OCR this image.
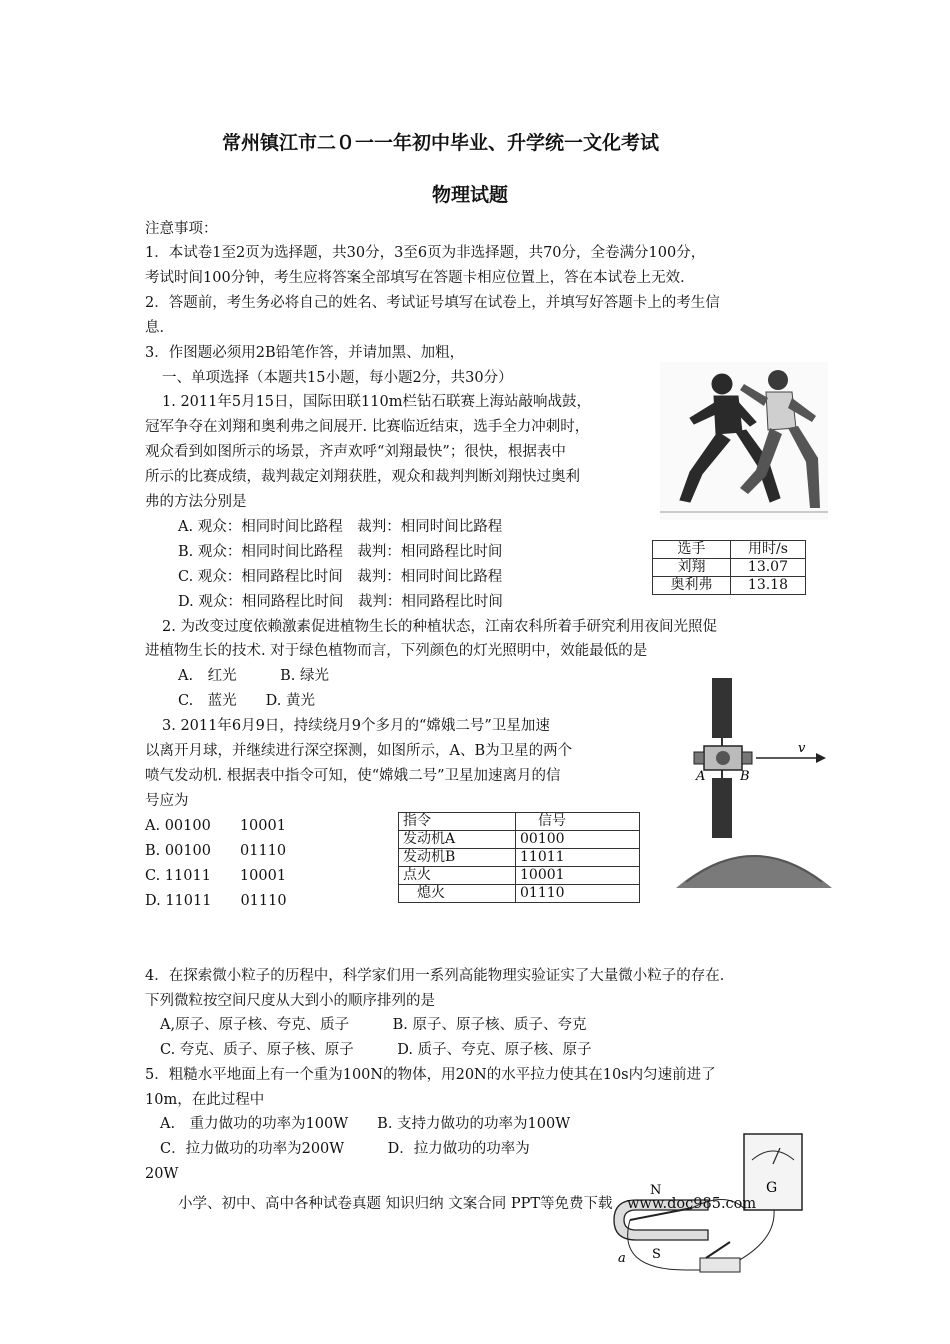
常州镇江市二０一一年初中毕业、升学统一文化考试
物理试题
注意事项：
1．本试卷1至2页为选择题，共30分，3至6页为非选择题，共70分，全卷满分100分，
考试时间100分钟，考生应将答案全部填写在答题卡相应位置上，答在本试卷上无效．
2．答题前，考生务必将自己的姓名、考试证号填写在试卷上，并填写好答题卡上的考生信
息．
3．作图题必须用2B铅笔作答，并请加黑、加粗，
一、单项选择（本题共15小题，每小题2分，共30分）
1. 2011年5月15日，国际田联110m栏钻石联赛上海站敲响战鼓，
冠军争夺在刘翔和奥利弗之间展开. 比赛临近结束，选手全力冲刺时，
观众看到如图所示的场景，齐声欢呼“刘翔最快”；很快，根据表中
所示的比赛成绩，裁判裁定刘翔获胜，观众和裁判判断刘翔快过奥利
弗的方法分别是
A. 观众：相同时间比路程　裁判：相同时间比路程
B. 观众：相同时间比路程　裁判：相同路程比时间
C. 观众：相同路程比时间　裁判：相同时间比路程
D. 观众：相同路程比时间　裁判：相同路程比时间
选手	用时/s
刘翔	13.07
奥利弗	13.18
2. 为改变过度依赖激素促进植物生长的种植状态，江南农科所着手研究利用夜间光照促
进植物生长的技术. 对于绿色植物而言，下列颜色的灯光照明中，效能最低的是
A.　红光　　　B. 绿光
C.　蓝光　　D. 黄光
3. 2011年6月9日，持续绕月9个多月的“嫦娥二号”卫星加速
以离开月球，并继续进行深空探测，如图所示，A、B为卫星的两个
喷气发动机. 根据表中指令可知，使“嫦娥二号”卫星加速离月的信
号应为
A. 00100　　10001
B. 00100　　01110
C. 11011　　10001
D. 11011　　01110
指令	信号
发动机A	00100
发动机B	11011
点火	10001
熄火	01110
v
A	B
4．在探索微小粒子的历程中，科学家们用一系列高能物理实验证实了大量微小粒子的存在．
下列微粒按空间尺度从大到小的顺序排列的是
A,原子、原子核、夸克、质子　　　B. 原子、原子核、质子、夸克
C. 夸克、质子、原子核、原子　　　D. 质子、夸克、原子核、原子
5．粗糙水平地面上有一个重为100N的物体，用20N的水平拉力使其在10s内匀速前进了
10m，在此过程中
A.　重力做功的功率为100W　　B. 支持力做功的功率为100W
C．拉力做功的功率为200W　　　D．拉力做功的功率为
20W
G
N
S
a
小学、初中、高中各种试卷真题 知识归纳 文案合同 PPT等免费下载　www.doc985.com
